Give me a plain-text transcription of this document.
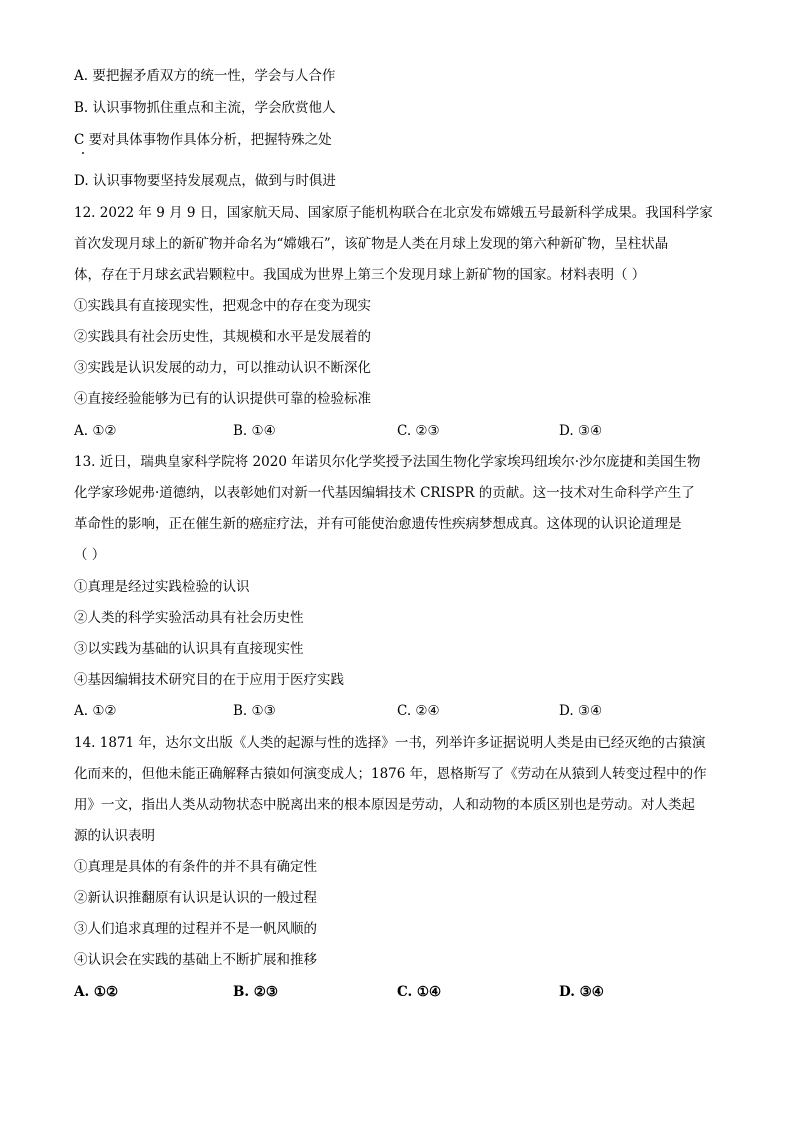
A. 要把握矛盾双方的统一性，学会与人合作
B. 认识事物抓住重点和主流，学会欣赏他人
C 要对具体事物作具体分析，把握特殊之处
D. 认识事物要坚持发展观点，做到与时俱进
12. 2022 年 9 月 9 日，国家航天局、国家原子能机构联合在北京发布嫦娥五号最新科学成果。我国科学家
首次发现月球上的新矿物并命名为“嫦娥石”，该矿物是人类在月球上发现的第六种新矿物，呈柱状晶
体，存在于月球玄武岩颗粒中。我国成为世界上第三个发现月球上新矿物的国家。材料表明（ ）
①实践具有直接现实性，把观念中的存在变为现实
②实践具有社会历史性，其规模和水平是发展着的
③实践是认识发展的动力，可以推动认识不断深化
④直接经验能够为已有的认识提供可靠的检验标准
A. ①②	B. ①④	C. ②③	D. ③④
13. 近日，瑞典皇家科学院将 2020 年诺贝尔化学奖授予法国生物化学家埃玛纽埃尔·沙尔庞捷和美国生物
化学家珍妮弗·道德纳，以表彰她们对新一代基因编辑技术 CRISPR 的贡献。这一技术对生命科学产生了
革命性的影响，正在催生新的癌症疗法，并有可能使治愈遗传性疾病梦想成真。这体现的认识论道理是
（ ）
①真理是经过实践检验的认识
②人类的科学实验活动具有社会历史性
③以实践为基础的认识具有直接现实性
④基因编辑技术研究目的在于应用于医疗实践
A. ①②	B. ①③	C. ②④	D. ③④
14. 1871 年，达尔文出版《人类的起源与性的选择》一书，列举许多证据说明人类是由已经灭绝的古猿演
化而来的，但他未能正确解释古猿如何演变成人；1876 年，恩格斯写了《劳动在从猿到人转变过程中的作
用》一文，指出人类从动物状态中脱离出来的根本原因是劳动，人和动物的本质区别也是劳动。对人类起
源的认识表明
①真理是具体的有条件的并不具有确定性
②新认识推翻原有认识是认识的一般过程
③人们追求真理的过程并不是一帆风顺的
④认识会在实践的基础上不断扩展和推移
A. ①②	B. ②③	C. ①④	D. ③④
